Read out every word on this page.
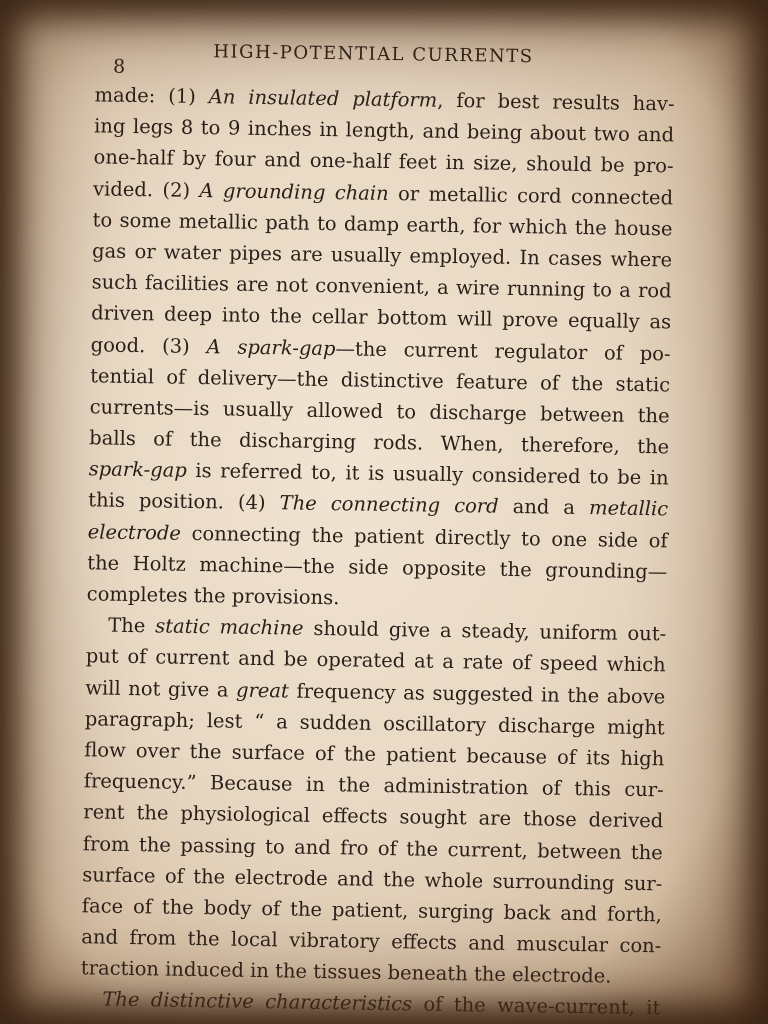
8	HIGH-POTENTIAL CURRENTS
made: (1) An insulated platform, for best results hav-
ing legs 8 to 9 inches in length, and being about two and
one-half by four and one-half feet in size, should be pro-
vided. (2) A grounding chain or metallic cord connected
to some metallic path to damp earth, for which the house
gas or water pipes are usually employed. In cases where
such facilities are not convenient, a wire running to a rod
driven deep into the cellar bottom will prove equally as
good. (3) A spark-gap—the current regulator of po-
tential of delivery—the distinctive feature of the static
currents—is usually allowed to discharge between the
balls of the discharging rods. When, therefore, the
spark-gap is referred to, it is usually considered to be in
this position. (4) The connecting cord and a metallic
electrode connecting the patient directly to one side of
the Holtz machine—the side opposite the grounding—
completes the provisions.
The static machine should give a steady, uniform out-
put of current and be operated at a rate of speed which
will not give a great frequency as suggested in the above
paragraph; lest “ a sudden oscillatory discharge might
flow over the surface of the patient because of its high
frequency.” Because in the administration of this cur-
rent the physiological effects sought are those derived
from the passing to and fro of the current, between the
surface of the electrode and the whole surrounding sur-
face of the body of the patient, surging back and forth,
and from the local vibratory effects and muscular con-
traction induced in the tissues beneath the electrode.
The distinctive characteristics of the wave-current, it
